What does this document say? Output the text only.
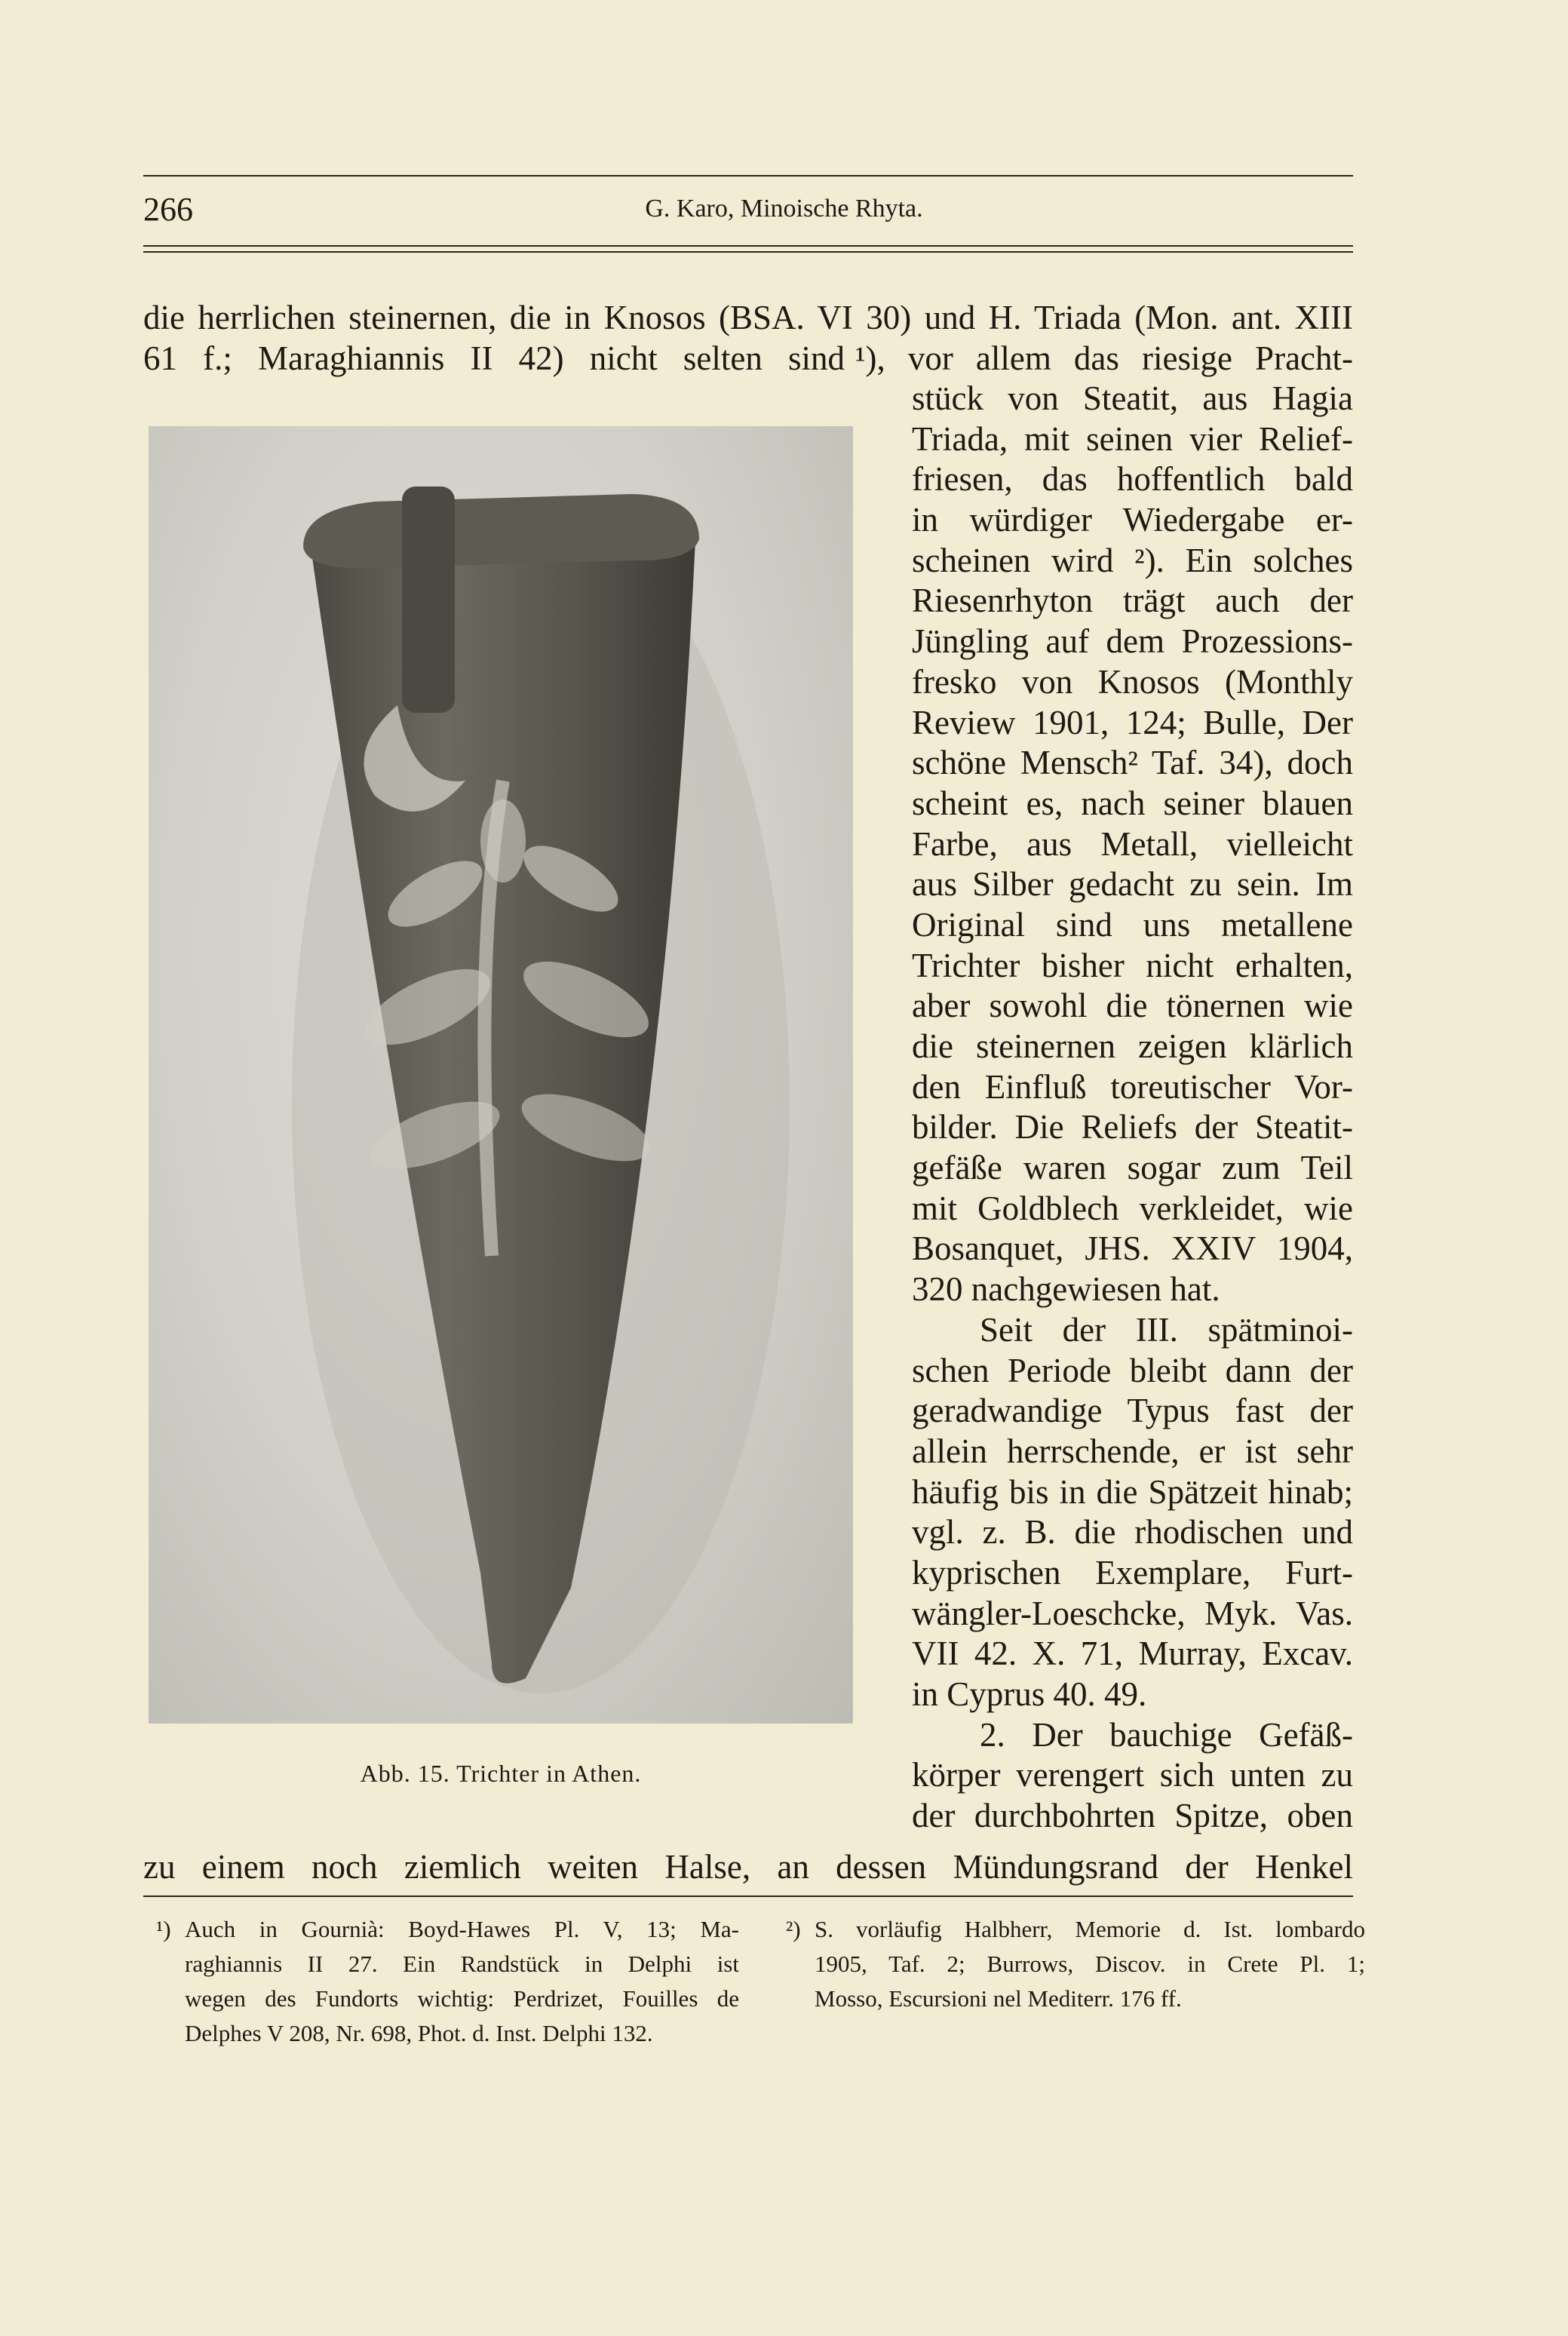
266	G. Karo, Minoische Rhyta.
die herrlichen steinernen, die in Knosos (BSA. VI 30) und H. Triada (Mon. ant. XIII
61 f.; Maraghiannis II 42) nicht selten sind ¹), vor allem das riesige Pracht-
Abb. 15. Trichter in Athen.
stück von Steatit, aus Hagia
Triada, mit seinen vier Relief-
friesen, das hoffentlich bald
in würdiger Wiedergabe er-
scheinen wird ²). Ein solches
Riesenrhyton trägt auch der
Jüngling auf dem Prozessions-
fresko von Knosos (Monthly
Review 1901, 124; Bulle, Der
schöne Mensch² Taf. 34), doch
scheint es, nach seiner blauen
Farbe, aus Metall, vielleicht
aus Silber gedacht zu sein. Im
Original sind uns metallene
Trichter bisher nicht erhalten,
aber sowohl die tönernen wie
die steinernen zeigen klärlich
den Einfluß toreutischer Vor-
bilder. Die Reliefs der Steatit-
gefäße waren sogar zum Teil
mit Goldblech verkleidet, wie
Bosanquet, JHS. XXIV 1904,
320 nachgewiesen hat.
Seit der III. spätminoi-
schen Periode bleibt dann der
geradwandige Typus fast der
allein herrschende, er ist sehr
häufig bis in die Spätzeit hinab;
vgl. z. B. die rhodischen und
kyprischen Exemplare, Furt-
wängler-Loeschcke, Myk. Vas.
VII 42. X. 71, Murray, Excav.
in Cyprus 40. 49.
2. Der bauchige Gefäß-
körper verengert sich unten zu
der durchbohrten Spitze, oben
zu einem noch ziemlich weiten Halse, an dessen Mündungsrand der Henkel
¹) Auch in Gournià: Boyd-Hawes Pl. V, 13; Ma-
raghiannis II 27. Ein Randstück in Delphi ist
wegen des Fundorts wichtig: Perdrizet, Fouilles de
Delphes V 208, Nr. 698, Phot. d. Inst. Delphi 132.
²) S. vorläufig Halbherr, Memorie d. Ist. lombardo
1905, Taf. 2; Burrows, Discov. in Crete Pl. 1;
Mosso, Escursioni nel Mediterr. 176 ff.
